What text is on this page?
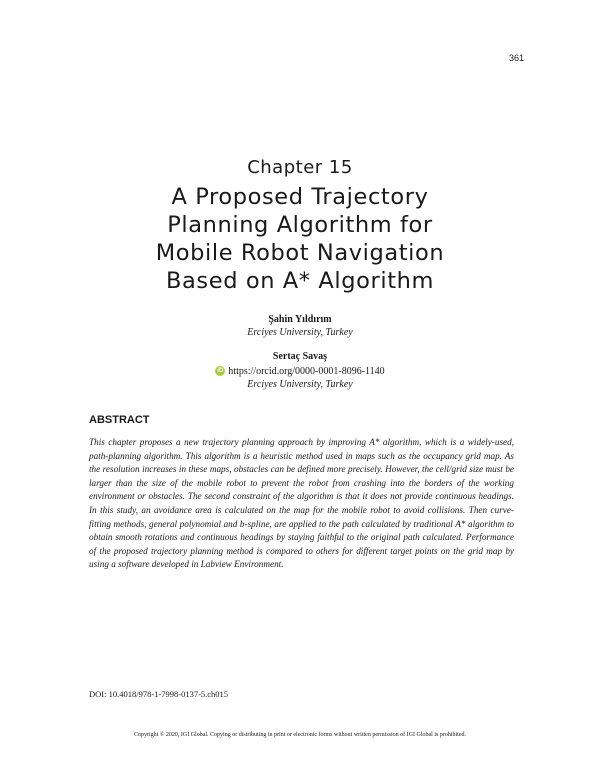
361
Chapter 15
A Proposed Trajectory
Planning Algorithm for
Mobile Robot Navigation
Based on A* Algorithm
Şahin Yıldırım
Erciyes University, Turkey
Sertaç Savaş
iD https://orcid.org/0000-0001-8096-1140
Erciyes University, Turkey
ABSTRACT
This chapter proposes a new trajectory planning approach by improving A* algorithm, which is a widely-used, path-planning algorithm. This algorithm is a heuristic method used in maps such as the occupancy grid map. As the resolution increases in these maps, obstacles can be defined more precisely. However, the cell/grid size must be larger than the size of the mobile robot to prevent the robot from crashing into the borders of the working environment or obstacles. The second constraint of the algorithm is that it does not provide continuous headings. In this study, an avoidance area is calculated on the map for the mobile robot to avoid collisions. Then curve-fitting methods, general polynomial and b-spline, are applied to the path calculated by traditional A* algorithm to obtain smooth rotations and continuous headings by staying faithful to the original path calculated. Performance of the proposed trajectory planning method is compared to others for different target points on the grid map by using a software developed in Labview Environment.
DOI: 10.4018/978-1-7998-0137-5.ch015
Copyright © 2020, IGI Global. Copying or distributing in print or electronic forms without written permission of IGI Global is prohibited.
